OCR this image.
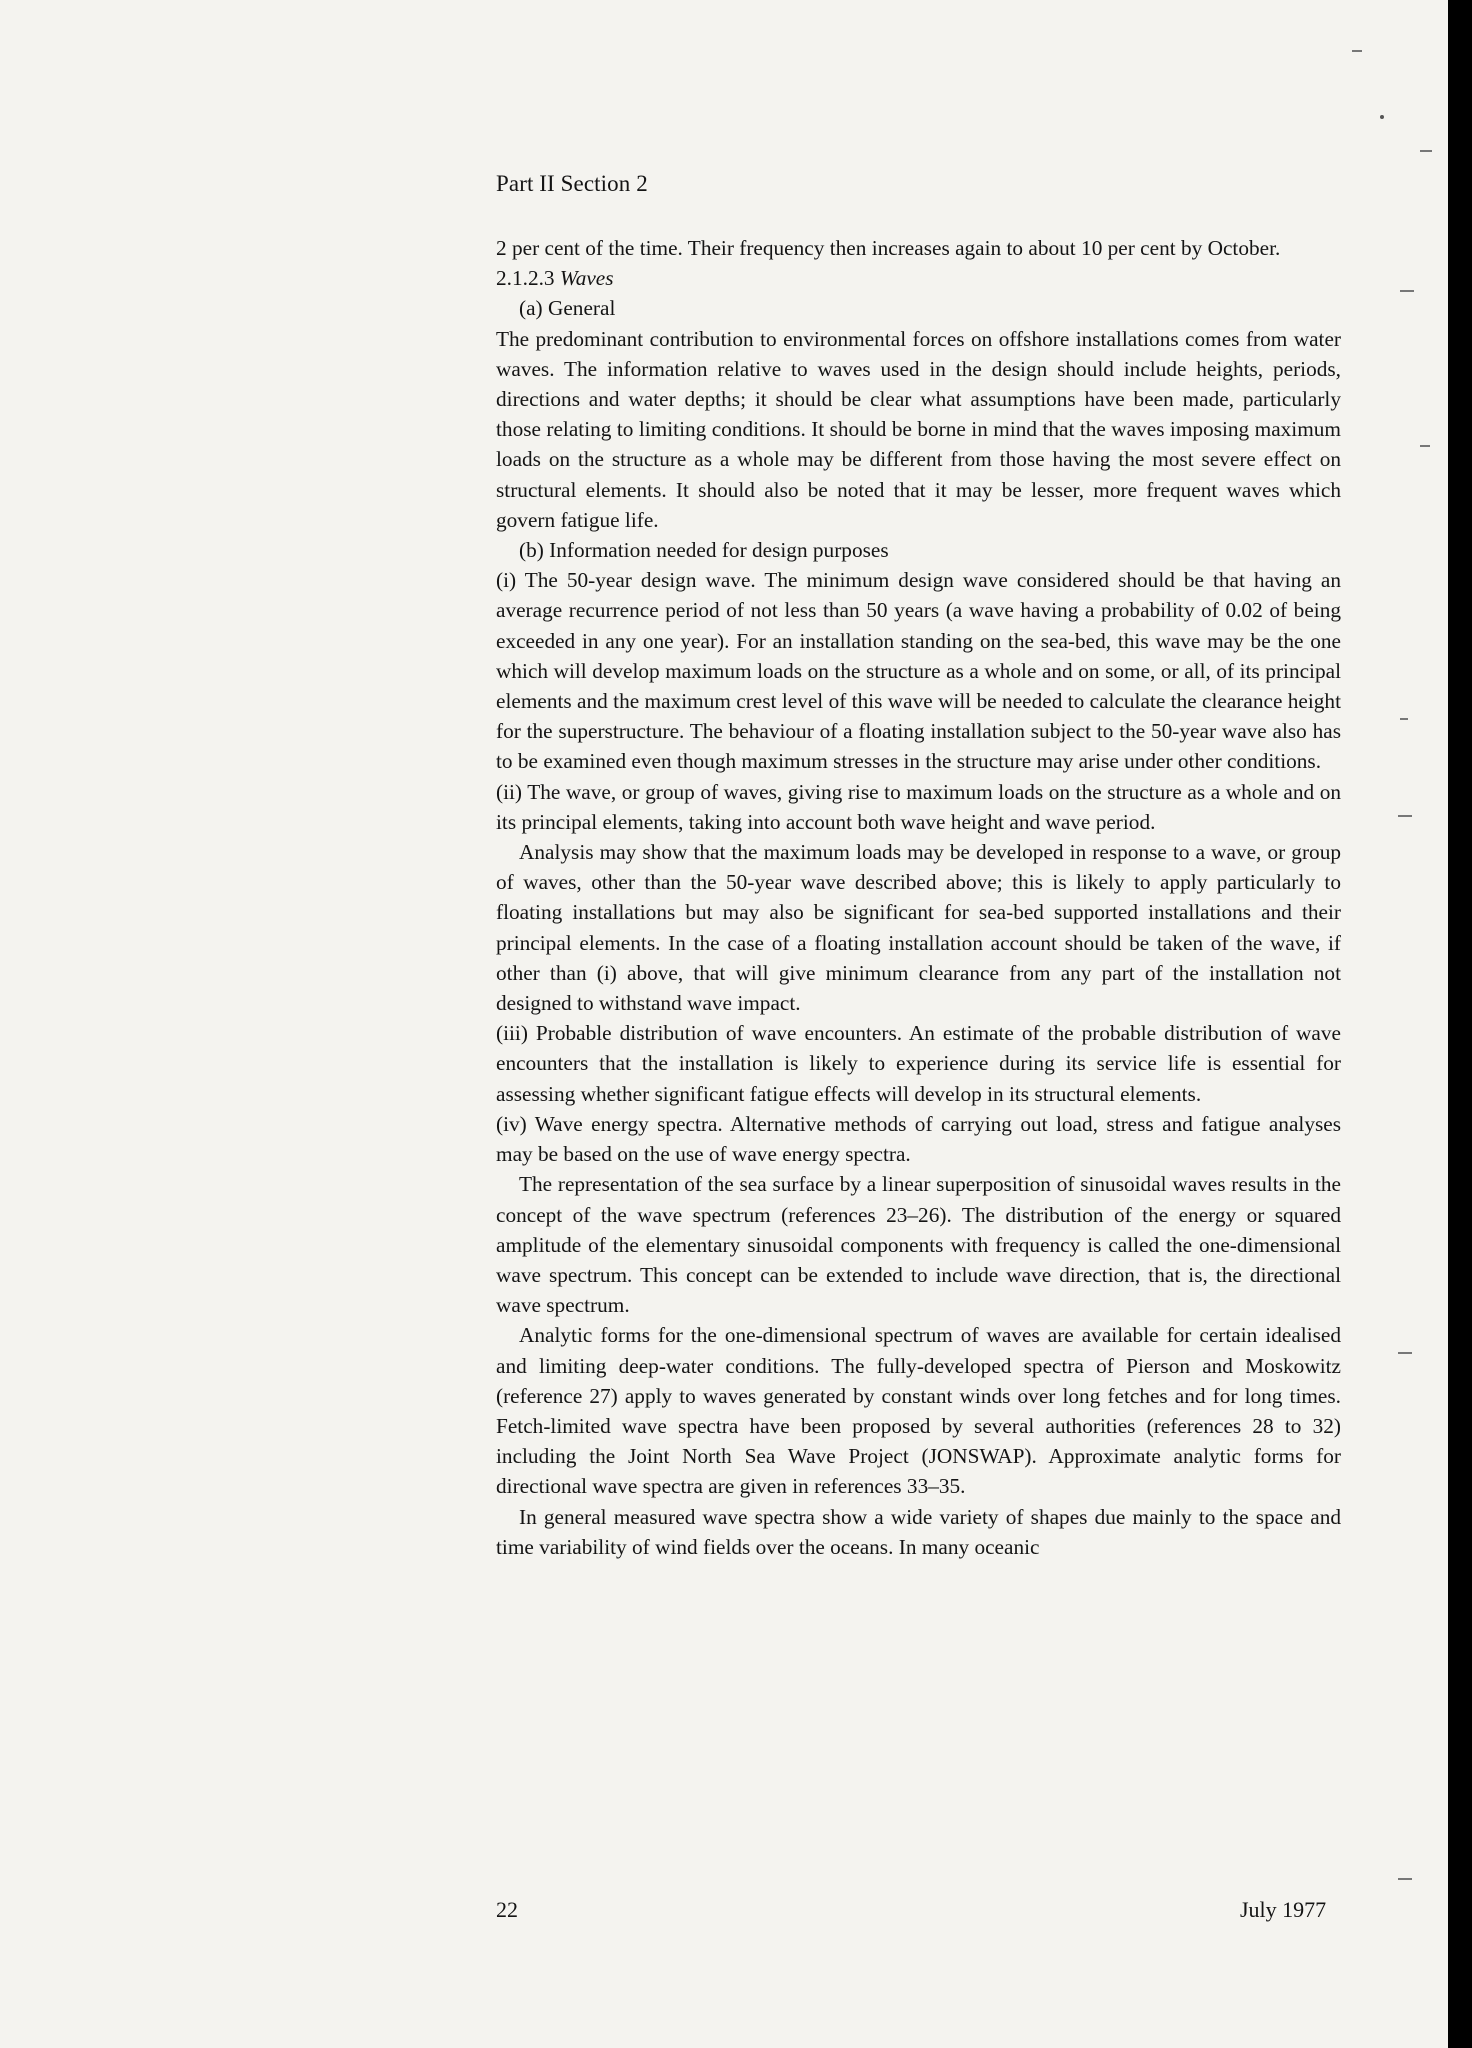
Part II Section 2

2 per cent of the time. Their frequency then increases again to about 10 per cent by October.

2.1.2.3 Waves

(a) General

The predominant contribution to environmental forces on offshore installations comes from water waves. The information relative to waves used in the design should include heights, periods, directions and water depths; it should be clear what assumptions have been made, particularly those relating to limiting conditions. It should be borne in mind that the waves imposing maximum loads on the structure as a whole may be different from those having the most severe effect on structural elements. It should also be noted that it may be lesser, more frequent waves which govern fatigue life.

(b) Information needed for design purposes

(i) The 50-year design wave. The minimum design wave considered should be that having an average recurrence period of not less than 50 years (a wave having a probability of 0.02 of being exceeded in any one year). For an installation standing on the sea-bed, this wave may be the one which will develop maximum loads on the structure as a whole and on some, or all, of its principal elements and the maximum crest level of this wave will be needed to calculate the clearance height for the superstructure. The behaviour of a floating installation subject to the 50-year wave also has to be examined even though maximum stresses in the structure may arise under other conditions.

(ii) The wave, or group of waves, giving rise to maximum loads on the structure as a whole and on its principal elements, taking into account both wave height and wave period.

Analysis may show that the maximum loads may be developed in response to a wave, or group of waves, other than the 50-year wave described above; this is likely to apply particularly to floating installations but may also be significant for sea-bed supported installations and their principal elements. In the case of a floating installation account should be taken of the wave, if other than (i) above, that will give minimum clearance from any part of the installation not designed to withstand wave impact.

(iii) Probable distribution of wave encounters. An estimate of the probable distribution of wave encounters that the installation is likely to experience during its service life is essential for assessing whether significant fatigue effects will develop in its structural elements.

(iv) Wave energy spectra. Alternative methods of carrying out load, stress and fatigue analyses may be based on the use of wave energy spectra.

The representation of the sea surface by a linear superposition of sinusoidal waves results in the concept of the wave spectrum (references 23–26). The distribution of the energy or squared amplitude of the elementary sinusoidal components with frequency is called the one-dimensional wave spectrum. This concept can be extended to include wave direction, that is, the directional wave spectrum.

Analytic forms for the one-dimensional spectrum of waves are available for certain idealised and limiting deep-water conditions. The fully-developed spectra of Pierson and Moskowitz (reference 27) apply to waves generated by constant winds over long fetches and for long times. Fetch-limited wave spectra have been proposed by several authorities (references 28 to 32) including the Joint North Sea Wave Project (JONSWAP). Approximate analytic forms for directional wave spectra are given in references 33–35.

In general measured wave spectra show a wide variety of shapes due mainly to the space and time variability of wind fields over the oceans. In many oceanic

22	July 1977
